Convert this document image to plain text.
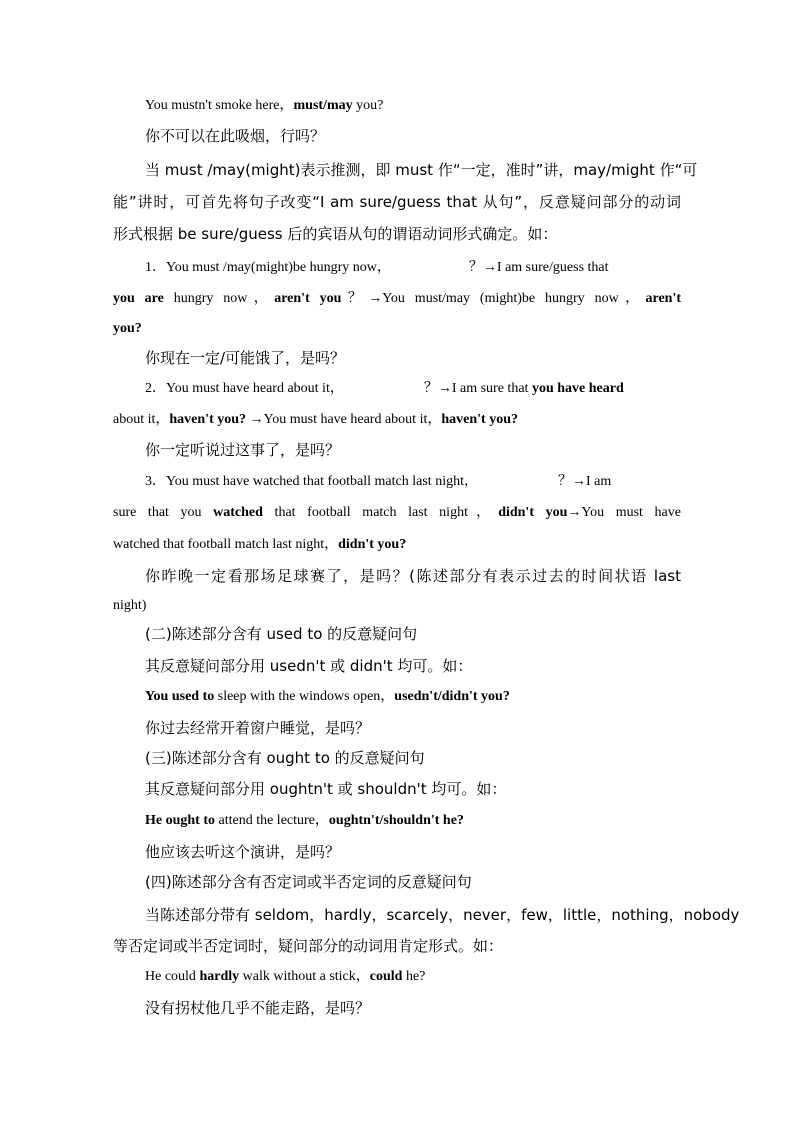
You mustn't smoke here，must/may you?
你不可以在此吸烟，行吗？
当 must /may(might)表示推测，即 must 作“一定，准时”讲，may/might 作“可
能”讲时，可首先将句子改变“I am sure/guess that 从句”，反意疑问部分的动词
形式根据 be sure/guess 后的宾语从句的谓语动词形式确定。如：
1．You must /may(might)be hungry now，	？→I am sure/guess that
you are hungry now，aren't you？→You must/may (might)be hungry now，aren't
you?
你现在一定/可能饿了，是吗？
2．You must have heard about it，	？→I am sure that you have heard
about it，haven't you? →You must have heard about it，haven't you?
你一定听说过这事了，是吗？
3．You must have watched that football match last night，	？→I am
sure that you watched that football match last night，didn't you→You must have
watched that football match last night，didn't you?
你昨晚一定看那场足球赛了，是吗？(陈述部分有表示过去的时间状语 last
night)
(二)陈述部分含有 used to 的反意疑问句
其反意疑问部分用 usedn't 或 didn't 均可。如：
You used to sleep with the windows open，usedn't/didn't you?
你过去经常开着窗户睡觉，是吗？
(三)陈述部分含有 ought to 的反意疑问句
其反意疑问部分用 oughtn't 或 shouldn't 均可。如：
He ought to attend the lecture，oughtn't/shouldn't he?
他应该去听这个演讲，是吗？
(四)陈述部分含有否定词或半否定词的反意疑问句
当陈述部分带有 seldom，hardly，scarcely，never，few，little，nothing，nobody
等否定词或半否定词时，疑问部分的动词用肯定形式。如：
He could hardly walk without a stick，could he?
没有拐杖他几乎不能走路，是吗？
